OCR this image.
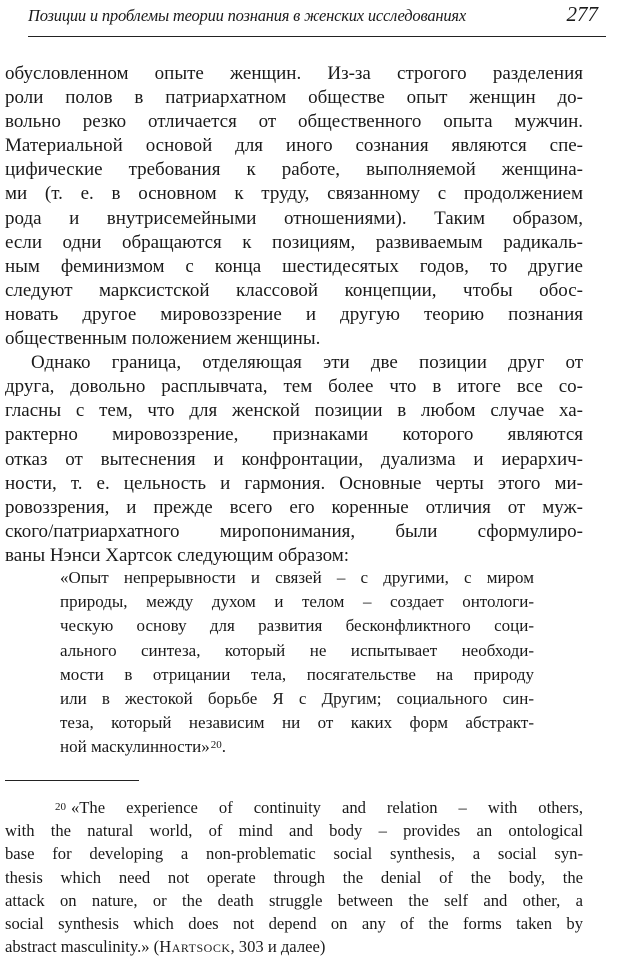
Позиции и проблемы теории познания в женских исследованиях	277
обусловленном опыте женщин. Из-за строгого разделения
роли полов в патриархатном обществе опыт женщин до-
вольно резко отличается от общественного опыта мужчин.
Материальной основой для иного сознания являются спе-
цифические требования к работе, выполняемой женщина-
ми (т. е. в основном к труду, связанному с продолжением
рода и внутрисемейными отношениями). Таким образом,
если одни обращаются к позициям, развиваемым радикаль-
ным феминизмом с конца шестидесятых годов, то другие
следуют марксистской классовой концепции, чтобы обос-
новать другое мировоззрение и другую теорию познания
общественным положением женщины.
Однако граница, отделяющая эти две позиции друг от
друга, довольно расплывчата, тем более что в итоге все со-
гласны с тем, что для женской позиции в любом случае ха-
рактерно мировоззрение, признаками которого являются
отказ от вытеснения и конфронтации, дуализма и иерархич-
ности, т. е. цельность и гармония. Основные черты этого ми-
ровоззрения, и прежде всего его коренные отличия от муж-
ского/патриархатного миропонимания, были сформулиро-
ваны Нэнси Хартсок следующим образом:
«Опыт непрерывности и связей – с другими, с миром
природы, между духом и телом – создает онтологи-
ческую основу для развития бесконфликтного соци-
ального синтеза, который не испытывает необходи-
мости в отрицании тела, посягательстве на природу
или в жестокой борьбе Я с Другим; социального син-
теза, который независим ни от каких форм абстракт-
ной маскулинности»$^{20}$.
$^{20}$ «The experience of continuity and relation – with others,
with the natural world, of mind and body – provides an ontological
base for developing a non-problematic social synthesis, a social syn-
thesis which need not operate through the denial of the body, the
attack on nature, or the death struggle between the self and other, a
social synthesis which does not depend on any of the forms taken by
abstract masculinity.» (Hartsock, 303 и далее)
